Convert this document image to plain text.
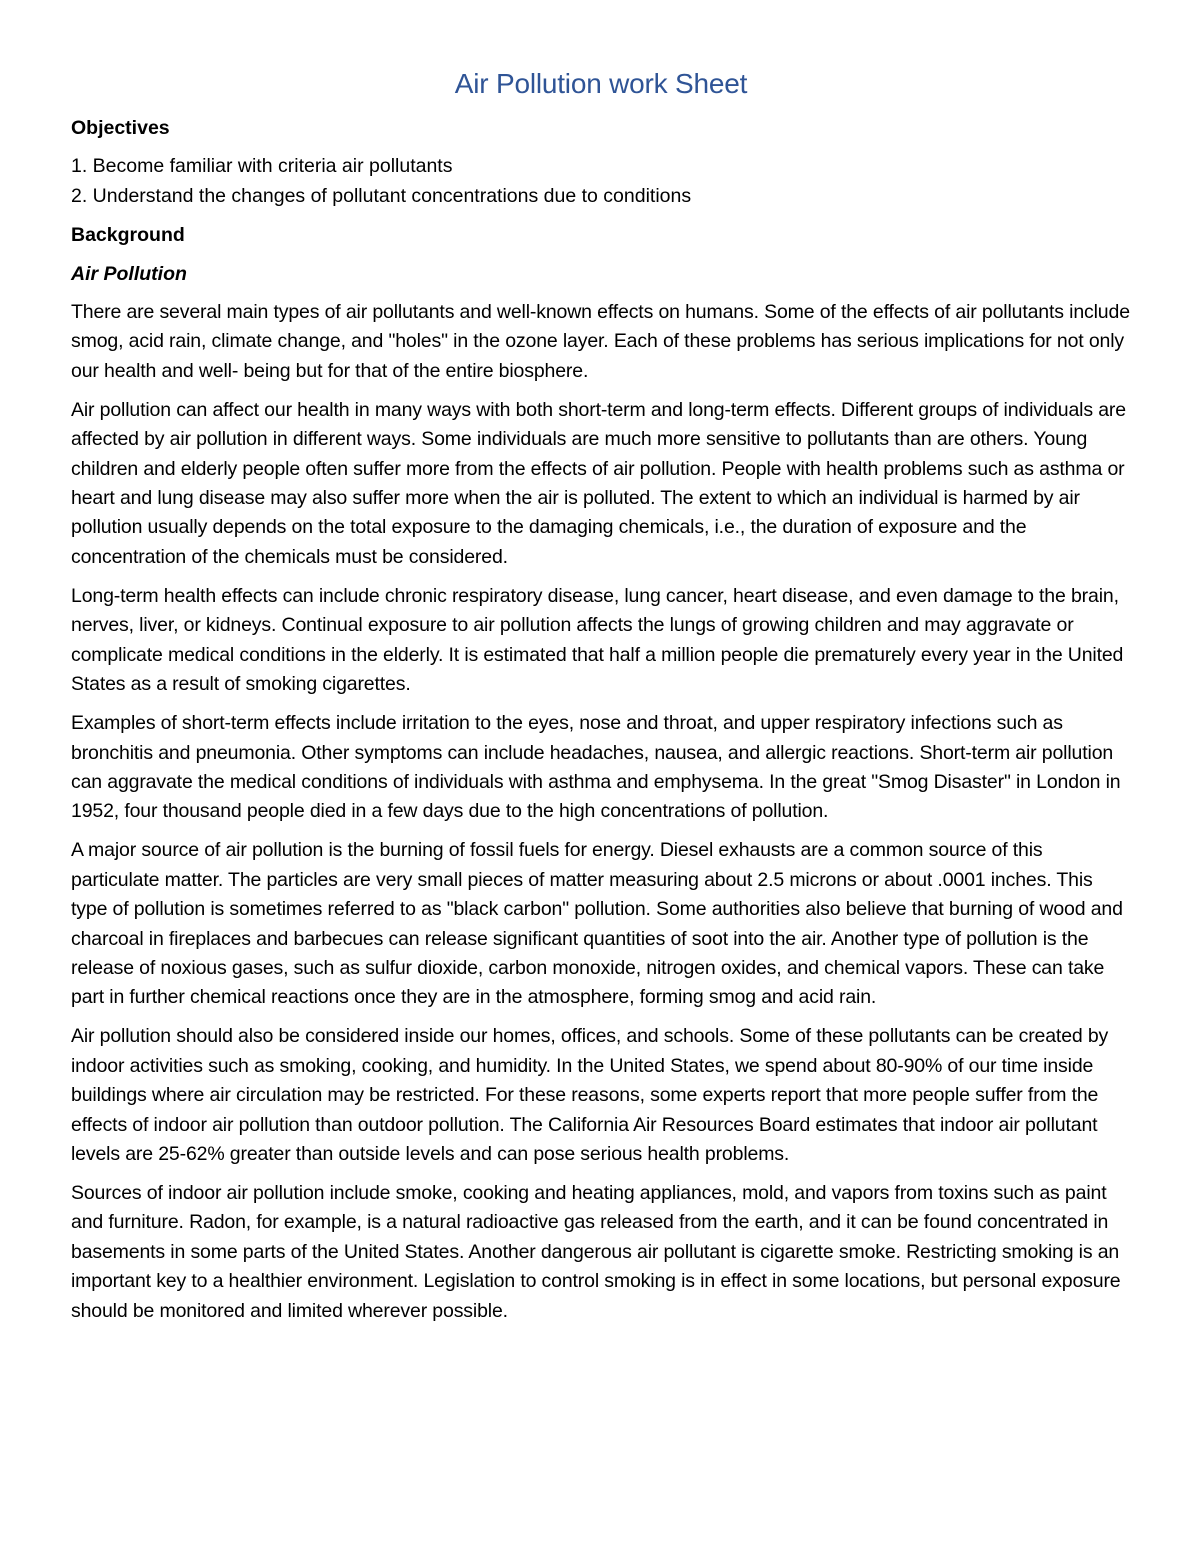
Air Pollution work Sheet
Objectives
1. Become familiar with criteria air pollutants
2. Understand the changes of pollutant concentrations due to conditions
Background
Air Pollution

There are several main types of air pollutants and well-known effects on humans. Some of the effects of air pollutants include smog, acid rain, climate change, and "holes" in the ozone layer. Each of these problems has serious implications for not only our health and well- being but for that of the entire biosphere.

Air pollution can affect our health in many ways with both short-term and long-term effects. Different groups of individuals are affected by air pollution in different ways. Some individuals are much more sensitive to pollutants than are others. Young children and elderly people often suffer more from the effects of air pollution. People with health problems such as asthma or heart and lung disease may also suffer more when the air is polluted. The extent to which an individual is harmed by air pollution usually depends on the total exposure to the damaging chemicals, i.e., the duration of exposure and the concentration of the chemicals must be considered.

Long-term health effects can include chronic respiratory disease, lung cancer, heart disease, and even damage to the brain, nerves, liver, or kidneys. Continual exposure to air pollution affects the lungs of growing children and may aggravate or complicate medical conditions in the elderly. It is estimated that half a million people die prematurely every year in the United States as a result of smoking cigarettes.

Examples of short-term effects include irritation to the eyes, nose and throat, and upper respiratory infections such as bronchitis and pneumonia. Other symptoms can include headaches, nausea, and allergic reactions. Short-term air pollution can aggravate the medical conditions of individuals with asthma and emphysema. In the great "Smog Disaster" in London in 1952, four thousand people died in a few days due to the high concentrations of pollution.

A major source of air pollution is the burning of fossil fuels for energy. Diesel exhausts are a common source of this particulate matter. The particles are very small pieces of matter measuring about 2.5 microns or about .0001 inches. This type of pollution is sometimes referred to as "black carbon" pollution. Some authorities also believe that burning of wood and charcoal in fireplaces and barbecues can release significant quantities of soot into the air. Another type of pollution is the release of noxious gases, such as sulfur dioxide, carbon monoxide, nitrogen oxides, and chemical vapors. These can take part in further chemical reactions once they are in the atmosphere, forming smog and acid rain.

Air pollution should also be considered inside our homes, offices, and schools. Some of these pollutants can be created by indoor activities such as smoking, cooking, and humidity. In the United States, we spend about 80-90% of our time inside buildings where air circulation may be restricted. For these reasons, some experts report that more people suffer from the effects of indoor air pollution than outdoor pollution. The California Air Resources Board estimates that indoor air pollutant levels are 25-62% greater than outside levels and can pose serious health problems.

Sources of indoor air pollution include smoke, cooking and heating appliances, mold, and vapors from toxins such as paint and furniture. Radon, for example, is a natural radioactive gas released from the earth, and it can be found concentrated in basements in some parts of the United States. Another dangerous air pollutant is cigarette smoke. Restricting smoking is an important key to a healthier environment. Legislation to control smoking is in effect in some locations, but personal exposure should be monitored and limited wherever possible.
